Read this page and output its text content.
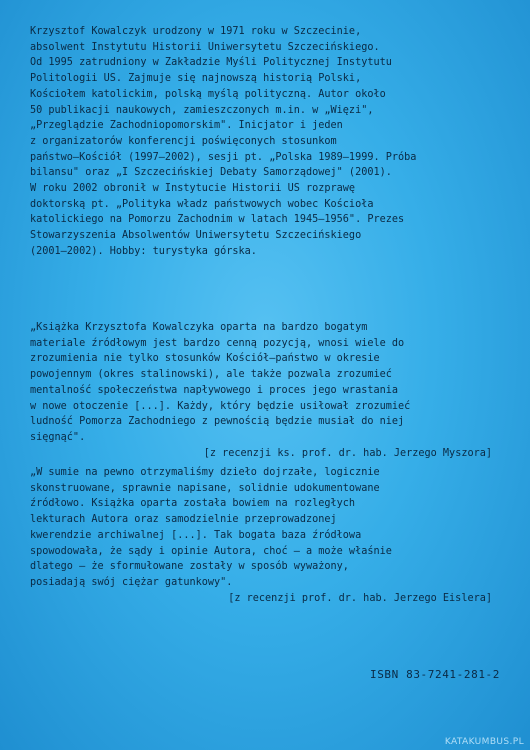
Krzysztof Kowalczyk urodzony w 1971 roku w Szczecinie,
absolwent Instytutu Historii Uniwersytetu Szczecińskiego.
Od 1995 zatrudniony w Zakładzie Myśli Politycznej Instytutu
Politologii US. Zajmuje się najnowszą historią Polski,
Kościołem katolickim, polską myślą polityczną. Autor około
50 publikacji naukowych, zamieszczonych m.in. w „Więzi",
„Przeglądzie Zachodniopomorskim". Inicjator i jeden
z organizatorów konferencji poświęconych stosunkom
państwo–Kościół (1997–2002), sesji pt. „Polska 1989–1999. Próba
bilansu" oraz „I Szczecińskiej Debaty Samorządowej" (2001).
W roku 2002 obronił w Instytucie Historii US rozprawę
doktorską pt. „Polityka władz państwowych wobec Kościoła
katolickiego na Pomorzu Zachodnim w latach 1945–1956". Prezes
Stowarzyszenia Absolwentów Uniwersytetu Szczecińskiego
(2001–2002). Hobby: turystyka górska.
„Książka Krzysztofa Kowalczyka oparta na bardzo bogatym
materiale źródłowym jest bardzo cenną pozycją, wnosi wiele do
zrozumienia nie tylko stosunków Kościół–państwo w okresie
powojennym (okres stalinowski), ale także pozwala zrozumieć
mentalność społeczeństwa napływowego i proces jego wrastania
w nowe otoczenie [...]. Każdy, który będzie usiłował zrozumieć
ludność Pomorza Zachodniego z pewnością będzie musiał do niej
sięgnąć".
[z recenzji ks. prof. dr. hab. Jerzego Myszora]
„W sumie na pewno otrzymaliśmy dzieło dojrzałe, logicznie
skonstruowane, sprawnie napisane, solidnie udokumentowane
źródłowo. Książka oparta została bowiem na rozległych
lekturach Autora oraz samodzielnie przeprowadzonej
kwerendzie archiwalnej [...]. Tak bogata baza źródłowa
spowodowała, że sądy i opinie Autora, choć – a może właśnie
dlatego – że sformułowane zostały w sposób wyważony,
posiadają swój ciężar gatunkowy".
[z recenzji prof. dr. hab. Jerzego Eislera]
ISBN 83-7241-281-2
KATAKUMBUS.PL
